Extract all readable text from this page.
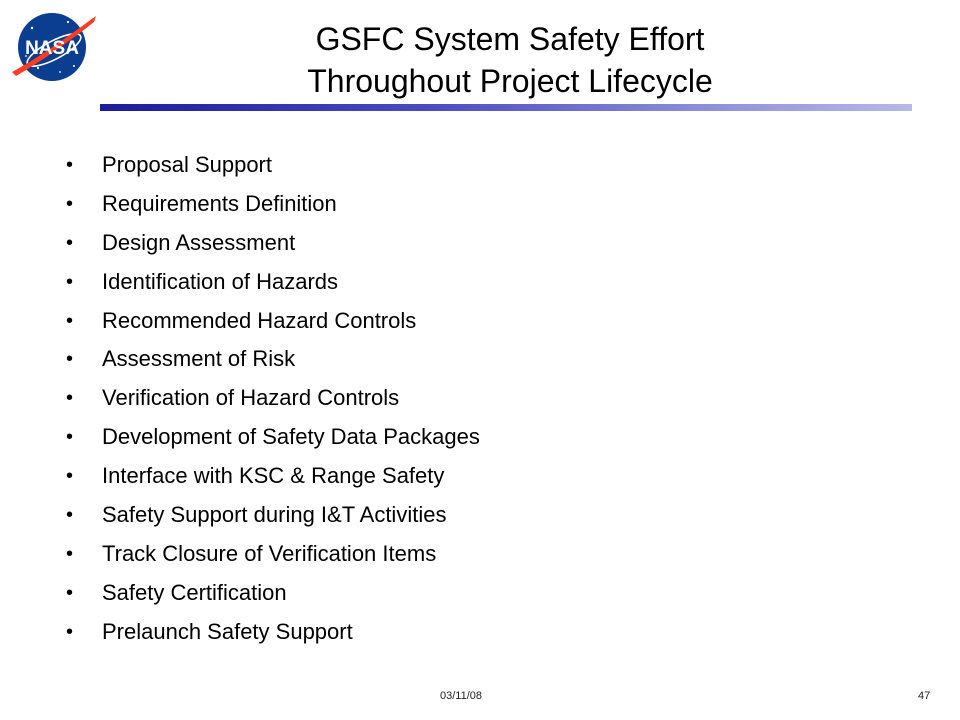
NASA	GSFC System Safety Effort
Throughout Project Lifecycle
• Proposal Support
• Requirements Definition
• Design Assessment
• Identification of Hazards
• Recommended Hazard Controls
• Assessment of Risk
• Verification of Hazard Controls
• Development of Safety Data Packages
• Interface with KSC & Range Safety
• Safety Support during I&T Activities
• Track Closure of Verification Items
• Safety Certification
• Prelaunch Safety Support
03/11/08	47
